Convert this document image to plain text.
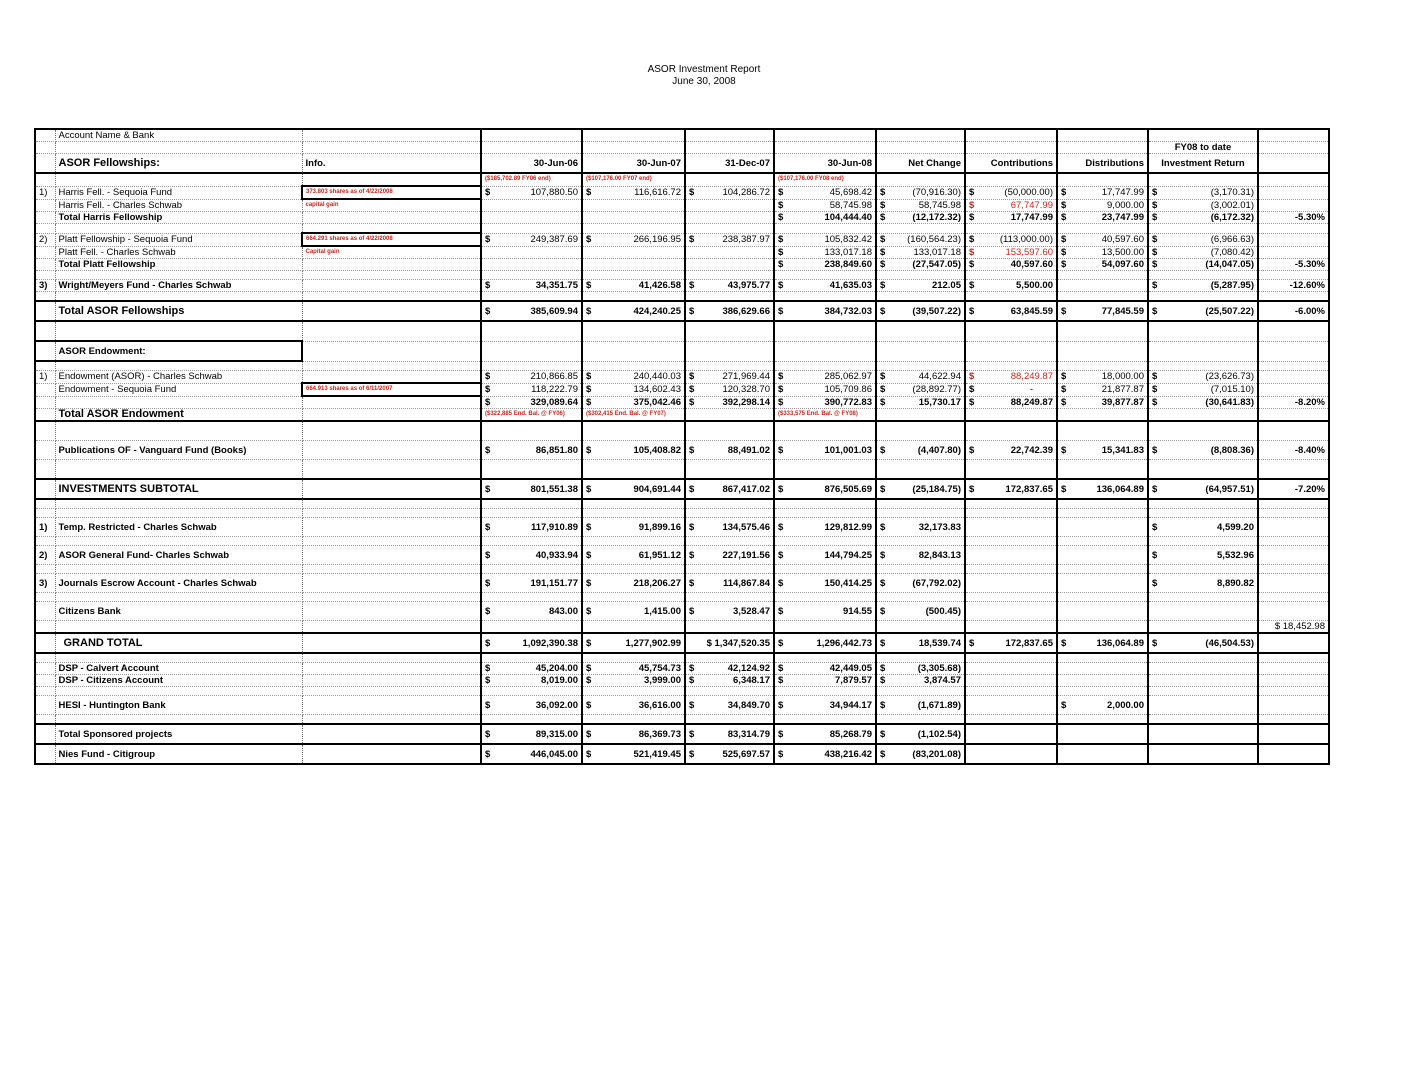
ASOR Investment Report
June 30, 2008
	Account Name & Bank										
										FY08 to date	
	ASOR Fellowships:	Info.	30-Jun-06	30-Jun-07	31-Dec-07	30-Jun-08	Net Change	Contributions	Distributions	Investment Return	
			($185,702.89 FY06 end)	($107,176.00 FY07 end)		($107,176.00 FY08 end)					
1)	Harris Fell. - Sequoia Fund	373.803 shares as of 4/22/2008	$ 107,880.50	$ 116,616.72	$ 104,286.72	$ 45,698.42	$ (70,916.30)	$ (50,000.00)	$ 17,747.99	$ (3,170.31)	

	Harris Fell. - Charles Schwab	capital gain				$ 58,745.98	$ 58,745.98	$ 67,747.99	$ 9,000.00	$ (3,002.01)	

	Total Harris Fellowship					$ 104,444.40	$ (12,172.32)	$ 17,747.99	$ 23,747.99	$ (6,172.32)	-5.30%

2)	Platt Fellowship - Sequoia Fund	664.291 shares as of 4/22/2008	$ 249,387.69	$ 266,196.95	$ 238,387.97	$ 105,832.42	$ (160,564.23)	$ (113,000.00)	$ 40,597.60	$ (6,966.63)	

	Platt Fell. - Charles Schwab	Capital gain				$ 133,017.18	$ 133,017.18	$ 153,597.60	$ 13,500.00	$ (7,080.42)	

	Total Platt Fellowship					$ 238,849.60	$ (27,547.05)	$ 40,597.60	$ 54,097.60	$ (14,047.05)	-5.30%

3)	Wright/Meyers Fund - Charles Schwab		$ 34,351.75	$ 41,426.58	$ 43,975.77	$ 41,635.03	$ 212.05	$ 5,500.00		$ (5,287.95)	-12.60%

	Total ASOR Fellowships		$ 385,609.94	$ 424,240.25	$ 386,629.66	$ 384,732.03	$ (39,507.22)	$ 63,845.59	$ 77,845.59	$ (25,507.22)	-6.00%

	ASOR Endowment:										

1)	Endowment (ASOR) - Charles Schwab		$ 210,866.85	$ 240,440.03	$ 271,969.44	$ 285,062.97	$ 44,622.94	$ 88,249.87	$ 18,000.00	$ (23,626.73)	

	Endowment - Sequoia Fund	664.913 shares as of 6/11/2007	$ 118,222.79	$ 134,602.43	$ 120,328.70	$ 105,709.86	$ (28,892.77)	$ -	$ 21,877.87	$ (7,015.10)	

			$ 329,089.64	$ 375,042.46	$ 392,298.14	$ 390,772.83	$ 15,730.17	$ 88,249.87	$ 39,877.87	$ (30,641.83)	-8.20%
	Total ASOR Endowment		($322,885 End. Bal. @ FY06)	($302,415 End. Bal. @ FY07)		($333,575 End. Bal. @ FY08)					

	Publications OF - Vanguard Fund (Books)		$ 86,851.80	$ 105,408.82	$ 88,491.02	$ 101,001.03	$ (4,407.80)	$ 22,742.39	$ 15,341.83	$ (8,808.36)	-8.40%

	INVESTMENTS SUBTOTAL		$ 801,551.38	$ 904,691.44	$ 867,417.02	$ 876,505.69	$ (25,184.75)	$ 172,837.65	$ 136,064.89	$ (64,957.51)	-7.20%

1)	Temp. Restricted - Charles Schwab		$ 117,910.89	$ 91,899.16	$ 134,575.46	$ 129,812.99	$ 32,173.83			$ 4,599.20	

2)	ASOR General Fund- Charles Schwab		$ 40,933.94	$ 61,951.12	$ 227,191.56	$ 144,794.25	$ 82,843.13			$ 5,532.96	

3)	Journals Escrow Account - Charles Schwab		$ 191,151.77	$ 218,206.27	$ 114,867.84	$ 150,414.25	$ (67,792.02)			$ 8,890.82	

	Citizens Bank		$ 843.00	$ 1,415.00	$ 3,528.47	$ 914.55	$ (500.45)				

											$ 18,452.98
	GRAND TOTAL		$ 1,092,390.38	$ 1,277,902.99	$ 1,347,520.35	$ 1,296,442.73	$ 18,539.74	$ 172,837.65	$ 136,064.89	$ (46,504.53)	

	DSP - Calvert Account		$ 45,204.00	$ 45,754.73	$ 42,124.92	$ 42,449.05	$ (3,305.68)				

	DSP - Citizens Account		$ 8,019.00	$ 3,999.00	$ 6,348.17	$ 7,879.57	$ 3,874.57				

	HESI - Huntington Bank		$ 36,092.00	$ 36,616.00	$ 34,849.70	$ 34,944.17	$ (1,671.89)		$ 2,000.00		

	Total Sponsored projects		$ 89,315.00	$ 86,369.73	$ 83,314.79	$ 85,268.79	$ (1,102.54)				

	Nies Fund - Citigroup		$ 446,045.00	$ 521,419.45	$ 525,697.57	$ 438,216.42	$ (83,201.08)				
